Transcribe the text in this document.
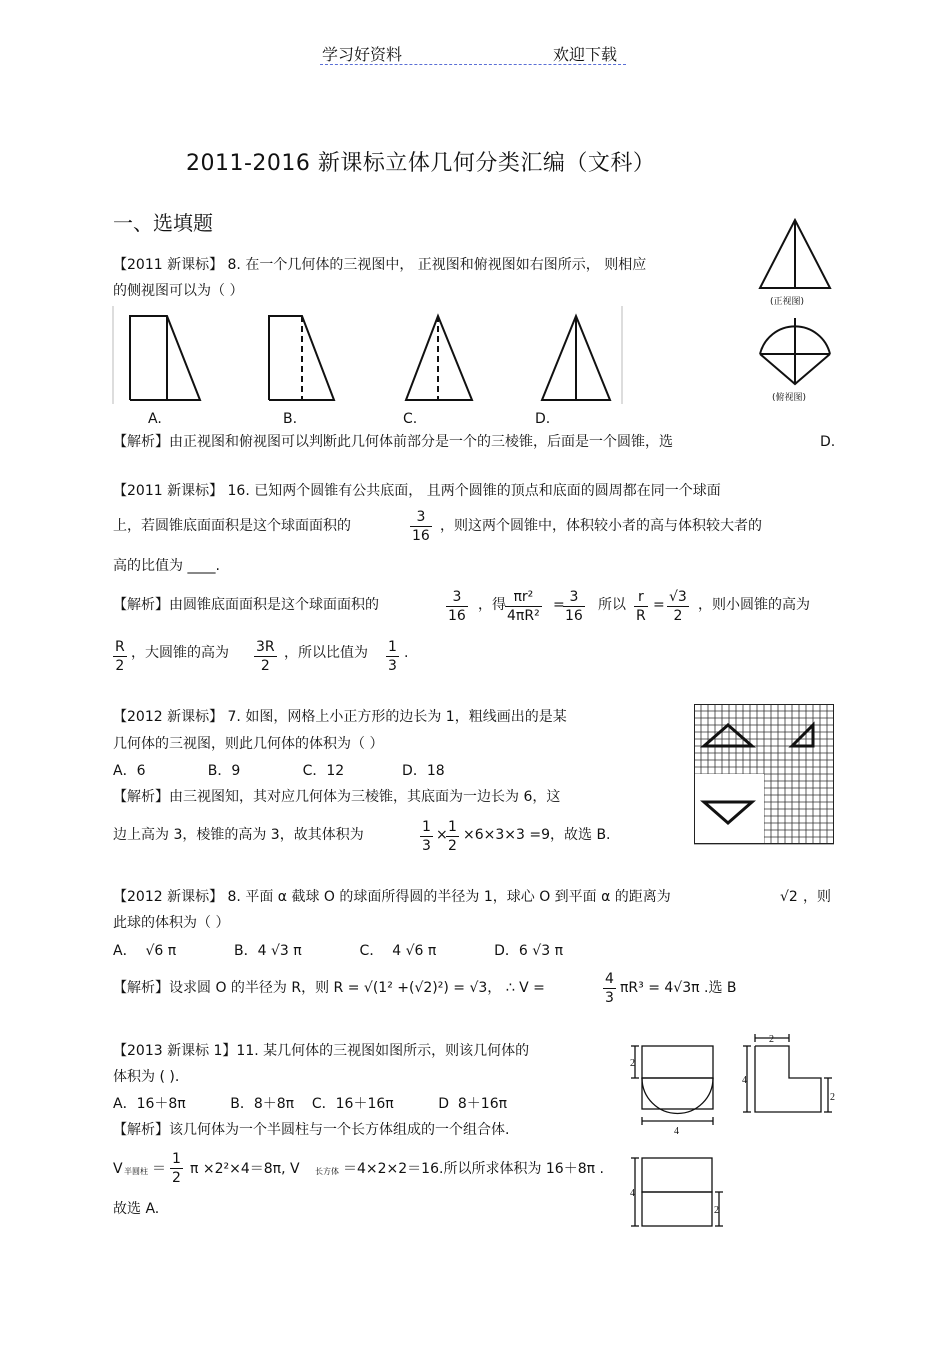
学习好资料	欢迎下载
2011-2016 新课标立体几何分类汇编（文科）
一、选填题
【2011 新课标】 8. 在一个几何体的三视图中， 正视图和俯视图如右图所示， 则相应
的侧视图可以为（ ）
A.	B.	C.	D.
(正视图)
(俯视图)
【解析】由正视图和俯视图可以判断此几何体前部分是一个的三棱锥，后面是一个圆锥，选	D.
【2011 新课标】 16. 已知两个圆锥有公共底面， 且两个圆锥的顶点和底面的圆周都在同一个球面
上，若圆锥底面面积是这个球面面积的	$\frac{3}{16}$ ，则这两个圆锥中，体积较小者的高与体积较大者的
高的比值为 ____.
【解析】由圆锥底面面积是这个球面面积的	$\frac{3}{16}$ ，得 $\frac{\text{πr²}}{\text{4πR²}}$ =
$\frac{3}{16}$ 所以 $\frac{r}{R} = \frac{√3}{2}$ ，则小圆锥的高为
$\frac{R}{2}$ ，大圆锥的高为 $\frac{3R}{2}$ ，所以比值为 $\frac{1}{3}$ .
【2012 新课标】 7. 如图，网格上小正方形的边长为 1，粗线画出的是某
几何体的三视图，则此几何体的体积为（ ）
A．6              B．9              C．12             D．18
【解析】由三视图知，其对应几何体为三棱锥，其底面为一边长为 6，这
边上高为 3，棱锥的高为 3，故其体积为	$\frac{1}{3}$ ×
$\frac{1}{2} \times 6\times 3\times 3 =9$，故选 B.
【2012 新课标】 8. 平面 α 截球 O 的球面所得圆的半径为 1，球心 O 到平面 α 的距离为	√2 ，则
此球的体积为（ ）
A．  √6 π             B．4 √3 π             C．  4 √6 π             D．6 √3 π
【解析】设求圆 O 的半径为 R，则 R = √(1² +(√2)²) = √3， ∴ V =	$\frac{4}{3} \pi R^3 = 4√3\pi$ .选 B
【2013 新课标 1】11. 某几何体的三视图如图所示，则该几何体的
体积为 ( ).
A．16＋8π          B．8＋8π    C．16＋16π          D  8＋16π
【解析】该几何体为一个半圆柱与一个长方体组成的一个组合体.
V 半圆柱 ＝ $\frac{1}{2}$ π ×2²×4＝8π, V 长方体 ＝4×2×2＝16.所以所求体积为 16＋8π .
故选 A.
2
4
2
4
2
4
2
